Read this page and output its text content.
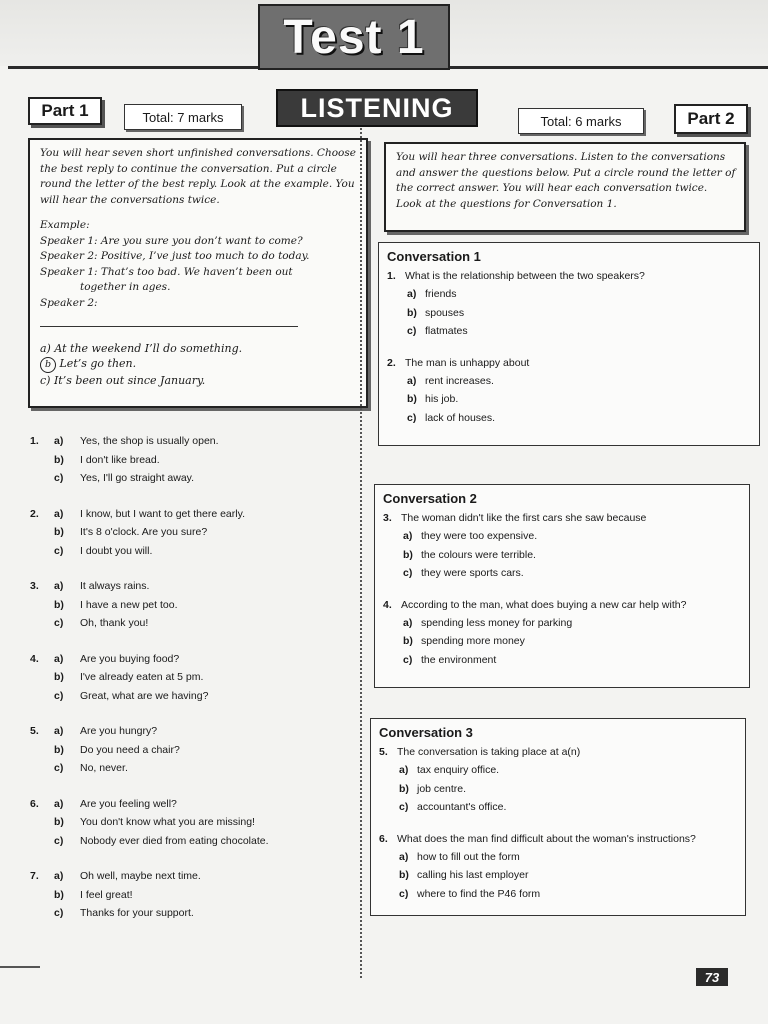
Test 1
LISTENING
Part 1	Total: 7 marks	Total: 6 marks	Part 2

You will hear seven short unfinished conversations. Choose the best reply to continue the conversation. Put a circle round the letter of the best reply. Look at the example. You will hear the conversations twice.

Example:

Speaker 1: Are you sure you don’t want to come?

Speaker 2: Positive, I’ve just too much to do today.

Speaker 1: That’s too bad. We haven’t been out

together in ages.

Speaker 2:

a) At the weekend I’ll do something.

b Let’s go then.

c) It’s been out since January.

You will hear three conversations. Listen to the conversations and answer the questions below. Put a circle round the letter of the correct answer. You will hear each conversation twice. Look at the questions for Conversation 1.

1. a) Yes, the shop is usually open.
b) I don't like bread.
c) Yes, I'll go straight away.
2. a) I know, but I want to get there early.
b) It's 8 o'clock. Are you sure?
c) I doubt you will.
3. a) It always rains.
b) I have a new pet too.
c) Oh, thank you!
4. a) Are you buying food?
b) I've already eaten at 5 pm.
c) Great, what are we having?
5. a) Are you hungry?
b) Do you need a chair?
c) No, never.
6. a) Are you feeling well?
b) You don't know what you are missing!
c) Nobody ever died from eating chocolate.
7. a) Oh well, maybe next time.
b) I feel great!
c) Thanks for your support.
Conversation 1

1. What is the relationship between the two speakers?

a) friends

b) spouses

c) flatmates

2. The man is unhappy about

a) rent increases.

b) his job.

c) lack of houses.

Conversation 2

3. The woman didn't like the first cars she saw because

a) they were too expensive.

b) the colours were terrible.

c) they were sports cars.

4. According to the man, what does buying a new car help with?

a) spending less money for parking

b) spending more money

c) the environment

Conversation 3

5. The conversation is taking place at a(n)

a) tax enquiry office.

b) job centre.

c) accountant's office.

6. What does the man find difficult about the woman's instructions?

a) how to fill out the form

b) calling his last employer

c) where to find the P46 form

73
